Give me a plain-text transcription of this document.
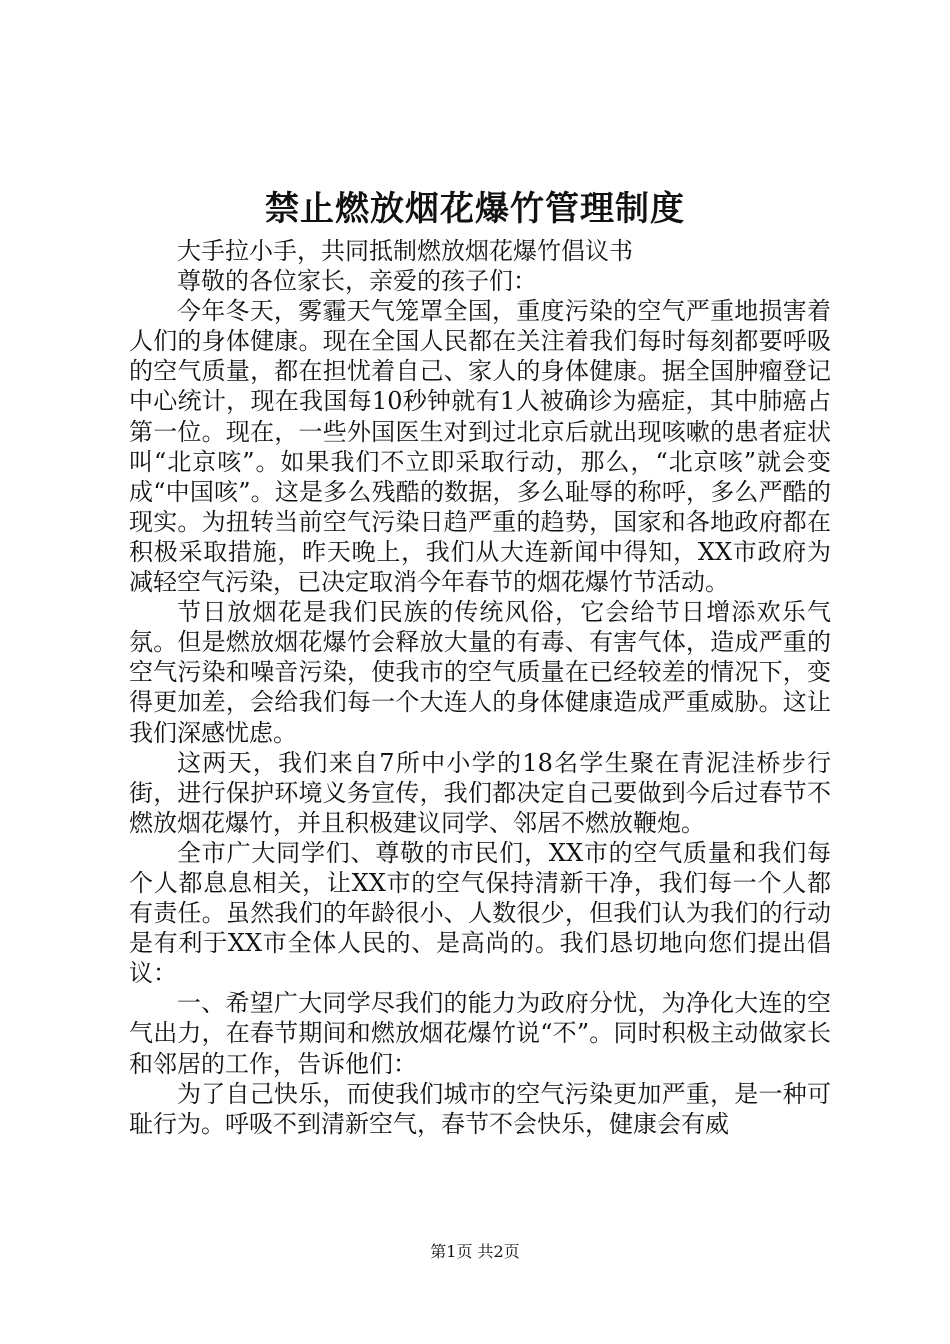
禁止燃放烟花爆竹管理制度

大手拉小手，共同抵制燃放烟花爆竹倡议书

尊敬的各位家长，亲爱的孩子们：

今年冬天，雾霾天气笼罩全国，重度污染的空气严重地损害着人们的身体健康。现在全国人民都在关注着我们每时每刻都要呼吸的空气质量，都在担忧着自己、家人的身体健康。据全国肿瘤登记中心统计，现在我国每10秒钟就有1人被确诊为癌症，其中肺癌占第一位。现在，一些外国医生对到过北京后就出现咳嗽的患者症状叫“北京咳”。如果我们不立即采取行动，那么，“北京咳”就会变成“中国咳”。这是多么残酷的数据，多么耻辱的称呼，多么严酷的现实。为扭转当前空气污染日趋严重的趋势，国家和各地政府都在积极采取措施，昨天晚上，我们从大连新闻中得知，XX市政府为减轻空气污染，已决定取消今年春节的烟花爆竹节活动。

节日放烟花是我们民族的传统风俗，它会给节日增添欢乐气氛。但是燃放烟花爆竹会释放大量的有毒、有害气体，造成严重的空气污染和噪音污染，使我市的空气质量在已经较差的情况下，变得更加差，会给我们每一个大连人的身体健康造成严重威胁。这让我们深感忧虑。

这两天，我们来自7所中小学的18名学生聚在青泥洼桥步行街，进行保护环境义务宣传，我们都决定自己要做到今后过春节不燃放烟花爆竹，并且积极建议同学、邻居不燃放鞭炮。

全市广大同学们、尊敬的市民们，XX市的空气质量和我们每个人都息息相关，让XX市的空气保持清新干净，我们每一个人都有责任。虽然我们的年龄很小、人数很少，但我们认为我们的行动是有利于XX市全体人民的、是高尚的。我们恳切地向您们提出倡议：

一、希望广大同学尽我们的能力为政府分忧，为净化大连的空气出力，在春节期间和燃放烟花爆竹说“不”。同时积极主动做家长和邻居的工作，告诉他们：

为了自己快乐，而使我们城市的空气污染更加严重，是一种可耻行为。呼吸不到清新空气，春节不会快乐，健康会有威

第1页 共2页
